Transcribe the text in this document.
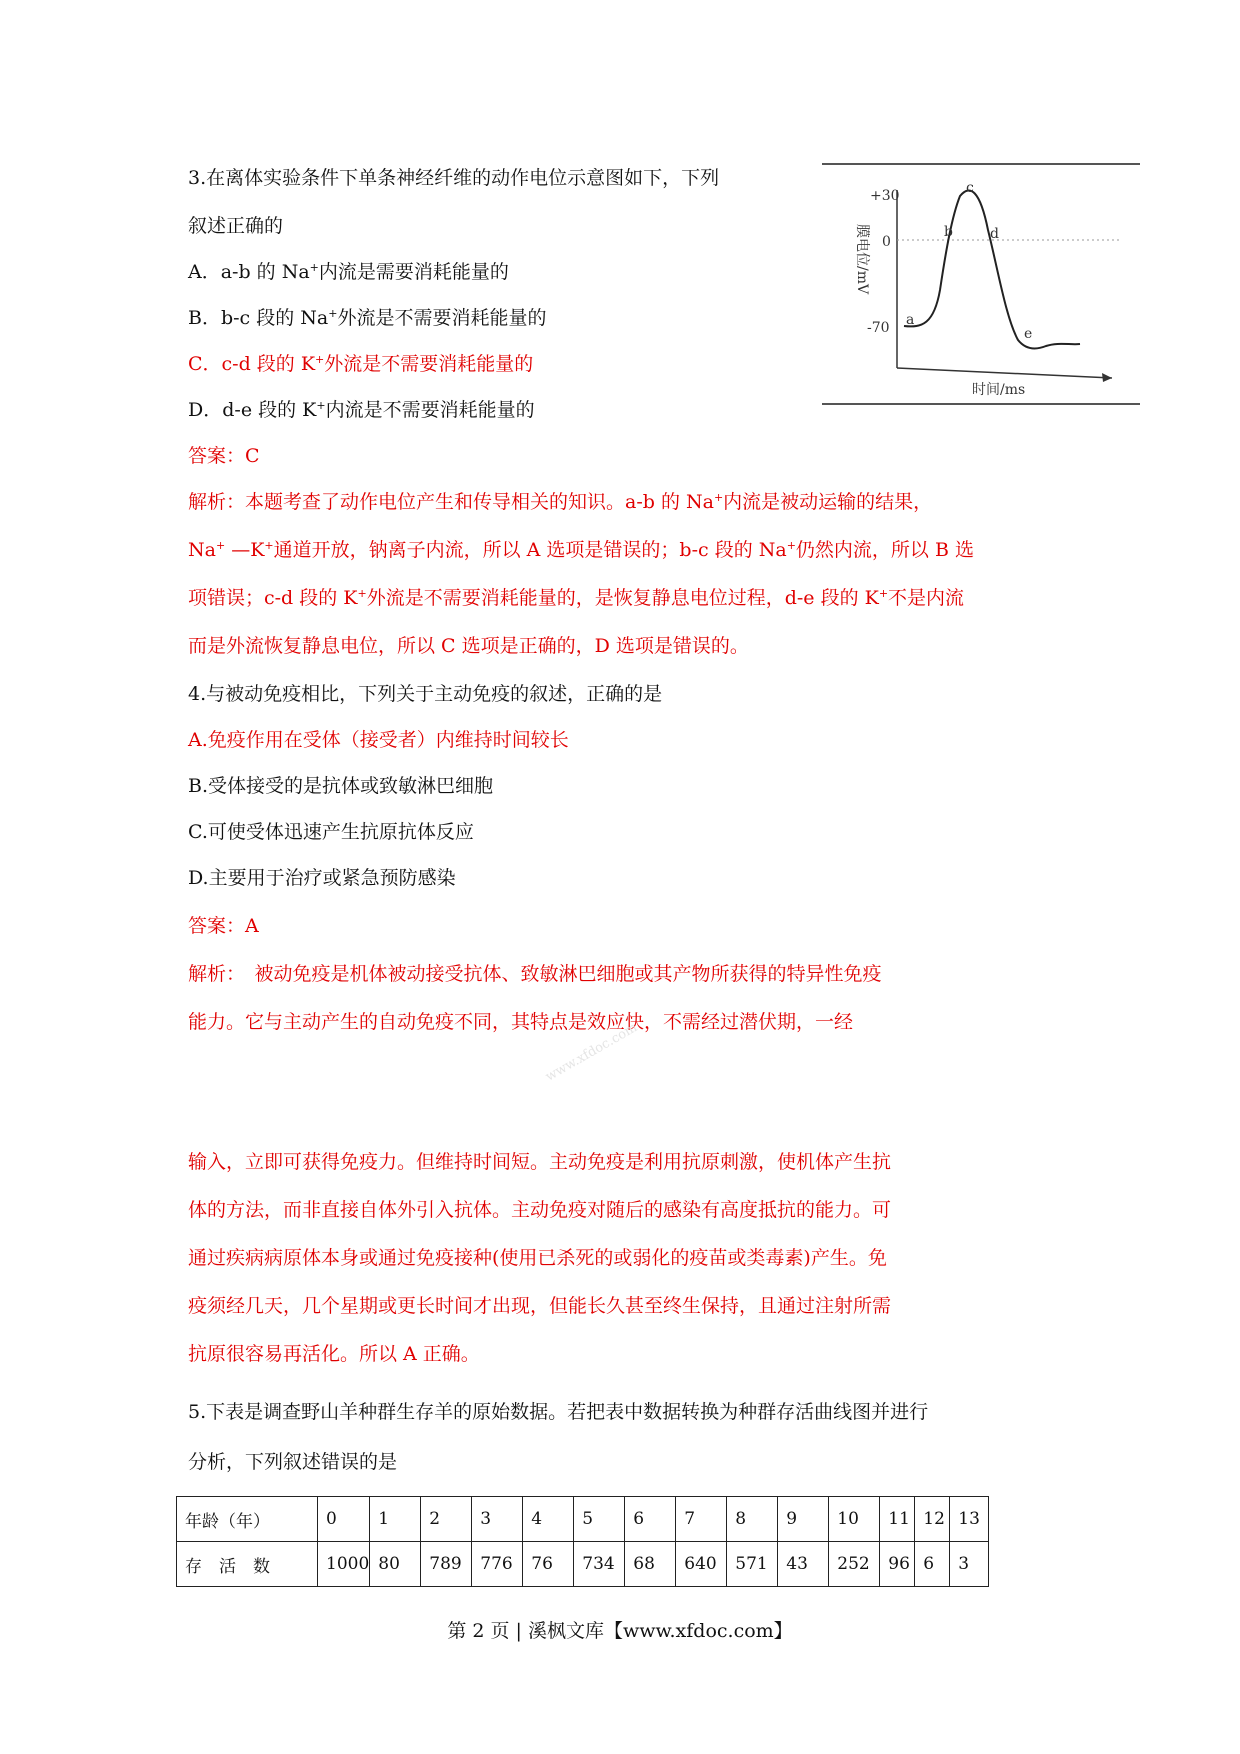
3.在离体实验条件下单条神经纤维的动作电位示意图如下，下列
叙述正确的
A．a-b 的 Na+内流是需要消耗能量的
B．b-c 段的 Na+外流是不需要消耗能量的
C．c-d 段的 K+外流是不需要消耗能量的
D．d-e 段的 K+内流是不需要消耗能量的
答案：C
解析：本题考查了动作电位产生和传导相关的知识。a-b 的 Na+内流是被动运输的结果，
Na+ —K+通道开放，钠离子内流，所以 A 选项是错误的；b-c 段的 Na+仍然内流，所以 B 选
项错误；c-d 段的 K+外流是不需要消耗能量的，是恢复静息电位过程，d-e 段的 K+不是内流
而是外流恢复静息电位，所以 C 选项是正确的，D 选项是错误的。
+30
0
-70
膜电位/mV
时间/ms
a
b
c
d
e
4.与被动免疫相比，下列关于主动免疫的叙述，正确的是
A.免疫作用在受体（接受者）内维持时间较长
B.受体接受的是抗体或致敏淋巴细胞
C.可使受体迅速产生抗原抗体反应
D.主要用于治疗或紧急预防感染
答案：A
解析：　被动免疫是机体被动接受抗体、致敏淋巴细胞或其产物所获得的特异性免疫
能力。它与主动产生的自动免疫不同，其特点是效应快，不需经过潜伏期，一经
www.xfdoc.com
输入，立即可获得免疫力。但维持时间短。主动免疫是利用抗原刺激，使机体产生抗
体的方法，而非直接自体外引入抗体。主动免疫对随后的感染有高度抵抗的能力。可
通过疾病病原体本身或通过免疫接种(使用已杀死的或弱化的疫苗或类毒素)产生。免
疫须经几天，几个星期或更长时间才出现，但能长久甚至终生保持，且通过注射所需
抗原很容易再活化。所以 A 正确。
5.下表是调查野山羊种群生存羊的原始数据。若把表中数据转换为种群存活曲线图并进行
分析，下列叙述错误的是
年龄（年）	0	1	2	3	4	5	6	7	8	9	10	11	12	13
存　活　数	1000	80	789	776	76	734	68	640	571	43	252	96	6	3
第 2 页 | 溪枫文库【www.xfdoc.com】
